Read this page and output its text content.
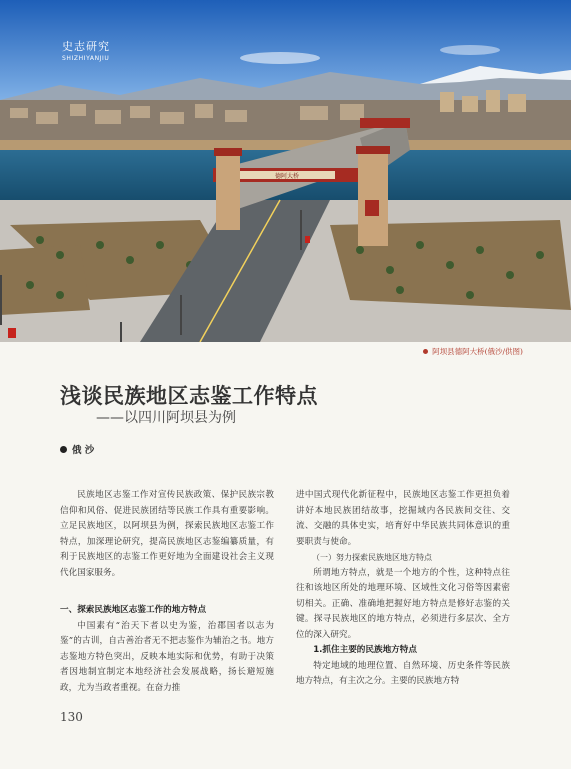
德阿大桥
史志研究
SHIZHIYANJIU
阿坝县德阿大桥(俄沙/供图)
浅谈民族地区志鉴工作特点
——以四川阿坝县为例
俄 沙

民族地区志鉴工作对宣传民族政策、保护民族宗教信仰和风俗、促进民族团结等民族工作具有重要影响。立足民族地区，以阿坝县为例，探索民族地区志鉴工作特点，加深理论研究，提高民族地区志鉴编纂质量，有利于民族地区的志鉴工作更好地为全面建设社会主义现代化国家服务。

一、探索民族地区志鉴工作的地方特点

中国素有“治天下者以史为鉴，治郡国者以志为鉴”的古训，自古善治者无不把志鉴作为辅治之书。地方志鉴地方特色突出，反映本地实际和优势，有助于决策者因地制宜制定本地经济社会发展战略，扬长避短施政，尤为当政者重视。在奋力推

进中国式现代化新征程中，民族地区志鉴工作更担负着讲好本地民族团结故事，挖掘域内各民族间交往、交流、交融的具体史实，培育好中华民族共同体意识的重要职责与使命。

（一）努力探索民族地区地方特点

所谓地方特点，就是一个地方的个性，这种特点往往和该地区所处的地理环境、区域性文化习俗等因素密切相关。正确、准确地把握好地方特点是修好志鉴的关键。探寻民族地区的地方特点，必须进行多层次、全方位的深入研究。

1.抓住主要的民族地方特点

特定地域的地理位置、自然环境、历史条件等民族地方特点，有主次之分。主要的民族地方特

130
